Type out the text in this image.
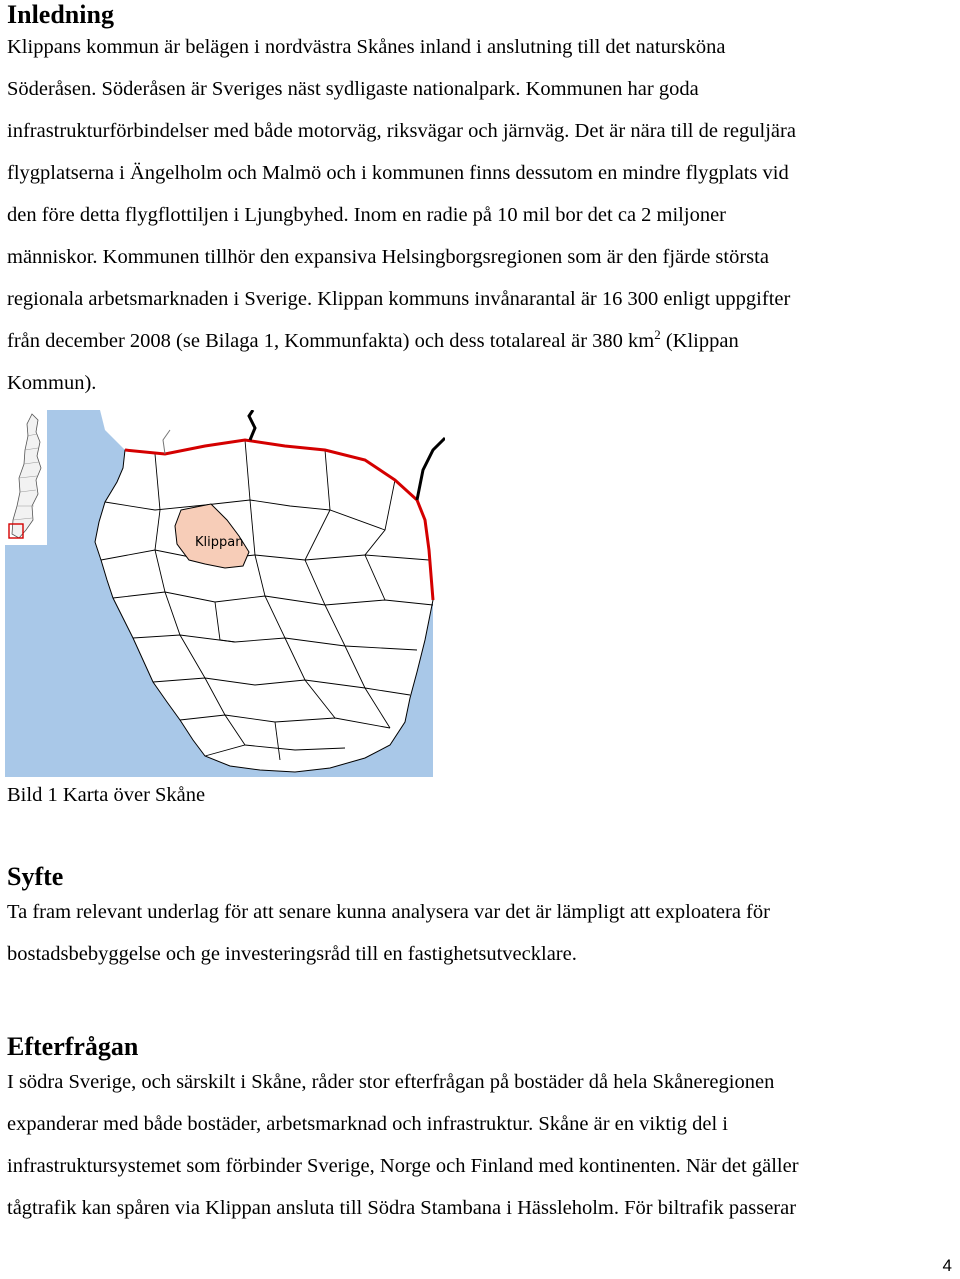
Inledning
Klippans kommun är belägen i nordvästra Skånes inland i anslutning till det natursköna
Söderåsen. Söderåsen är Sveriges näst sydligaste nationalpark. Kommunen har goda
infrastrukturförbindelser med både motorväg, riksvägar och järnväg. Det är nära till de reguljära
flygplatserna i Ängelholm och Malmö och i kommunen finns dessutom en mindre flygplats vid
den före detta flygflottiljen i Ljungbyhed. Inom en radie på 10 mil bor det ca 2 miljoner
människor. Kommunen tillhör den expansiva Helsingborgsregionen som är den fjärde största
regionala arbetsmarknaden i Sverige. Klippan kommuns invånarantal är 16 300 enligt uppgifter
från december 2008 (se Bilaga 1, Kommunfakta) och dess totalareal är 380 $km^2$ (Klippan
Kommun).
Klippan

Bild 1 Karta över Skåne

Syfte
Ta fram relevant underlag för att senare kunna analysera var det är lämpligt att exploatera för
bostadsbebyggelse och ge investeringsråd till en fastighetsutvecklare.
Efterfrågan
I södra Sverige, och särskilt i Skåne, råder stor efterfrågan på bostäder då hela Skåneregionen
expanderar med både bostäder, arbetsmarknad och infrastruktur. Skåne är en viktig del i
infrastruktursystemet som förbinder Sverige, Norge och Finland med kontinenten. När det gäller
tågtrafik kan spåren via Klippan ansluta till Södra Stambana i Hässleholm. För biltrafik passerar
4
